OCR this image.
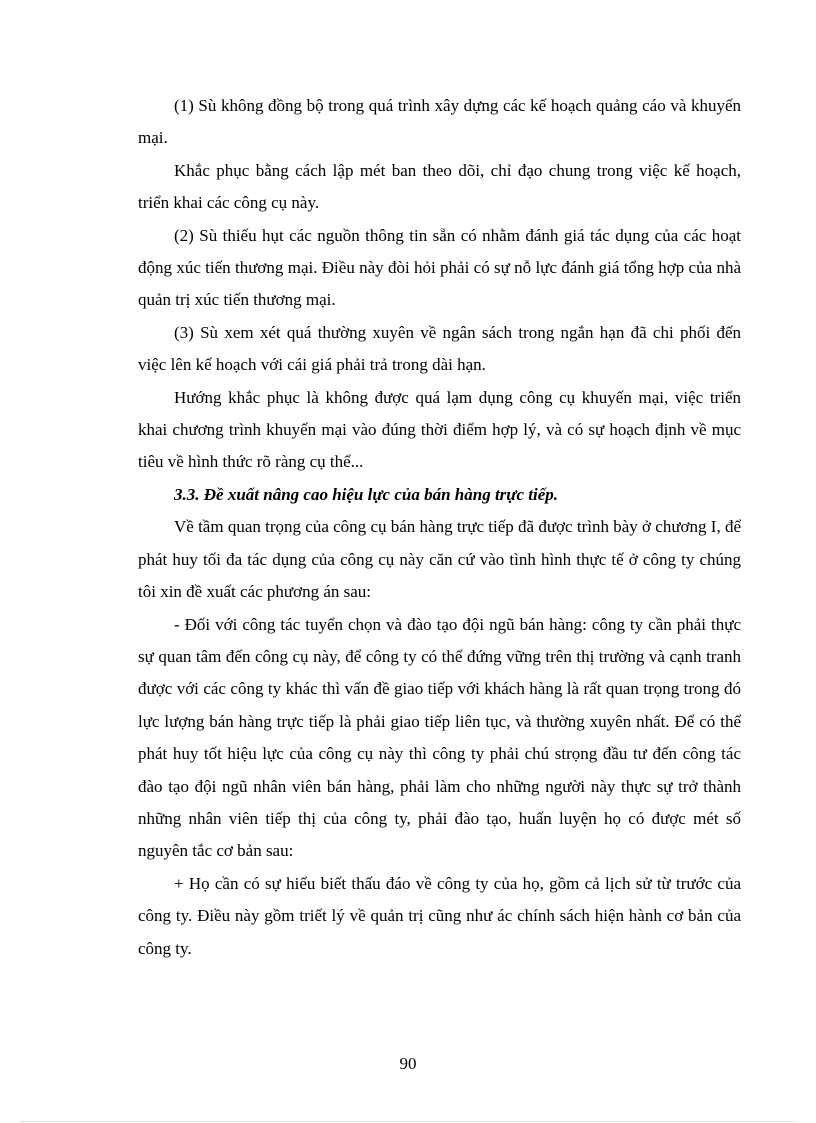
(1) Sù không đồng bộ trong quá trình xây dựng các kế hoạch quảng cáo và khuyến mại.

Khắc phục bằng cách lập mét ban theo dõi, chỉ đạo chung trong việc kế hoạch, triển khai các công cụ này.

(2) Sù thiếu hụt các nguồn thông tin sẵn có nhằm đánh giá tác dụng của các hoạt động xúc tiến thương mại. Điều này đòi hỏi phải có sự nỗ lực đánh giá tổng hợp của nhà quản trị xúc tiến thương mại.

(3) Sù xem xét quá thường xuyên về ngân sách trong ngắn hạn đã chi phối đến việc lên kế hoạch với cái giá phải trả trong dài hạn.

Hướng khắc phục là không được quá lạm dụng công cụ khuyến mại, việc triển khai chương trình khuyến mại vào đúng thời điểm hợp lý, và có sự hoạch định về mục tiêu về hình thức rõ ràng cụ thể...

3.3. Đề xuất nâng cao hiệu lực của bán hàng trực tiếp.

Về tầm quan trọng của công cụ bán hàng trực tiếp đã được trình bày ở chương I, để phát huy tối đa tác dụng của công cụ này căn cứ vào tình hình thực tế ở công ty chúng tôi xin đề xuất các phương án sau:

- Đối với công tác tuyển chọn và đào tạo đội ngũ bán hàng: công ty cần phải thực sự quan tâm đến công cụ này, để công ty có thể đứng vững trên thị trường và cạnh tranh được với các công ty khác thì vấn đề giao tiếp với khách hàng là rất quan trọng trong đó lực lượng bán hàng trực tiếp là phải giao tiếp liên tục, và thường xuyên nhất. Để có thể phát huy tốt hiệu lực của công cụ này thì công ty phải chú strọng đầu tư đến công tác đào tạo đội ngũ nhân viên bán hàng, phải làm cho những người này thực sự trở thành những nhân viên tiếp thị của công ty, phải đào tạo, huấn luyện họ có được mét số nguyên tắc cơ bản sau:

+ Họ cần có sự hiểu biết thấu đáo về công ty của họ, gồm cả lịch sử từ trước của công ty. Điều này gồm triết lý về quản trị cũng như ác chính sách hiện hành cơ bản của công ty.

90
